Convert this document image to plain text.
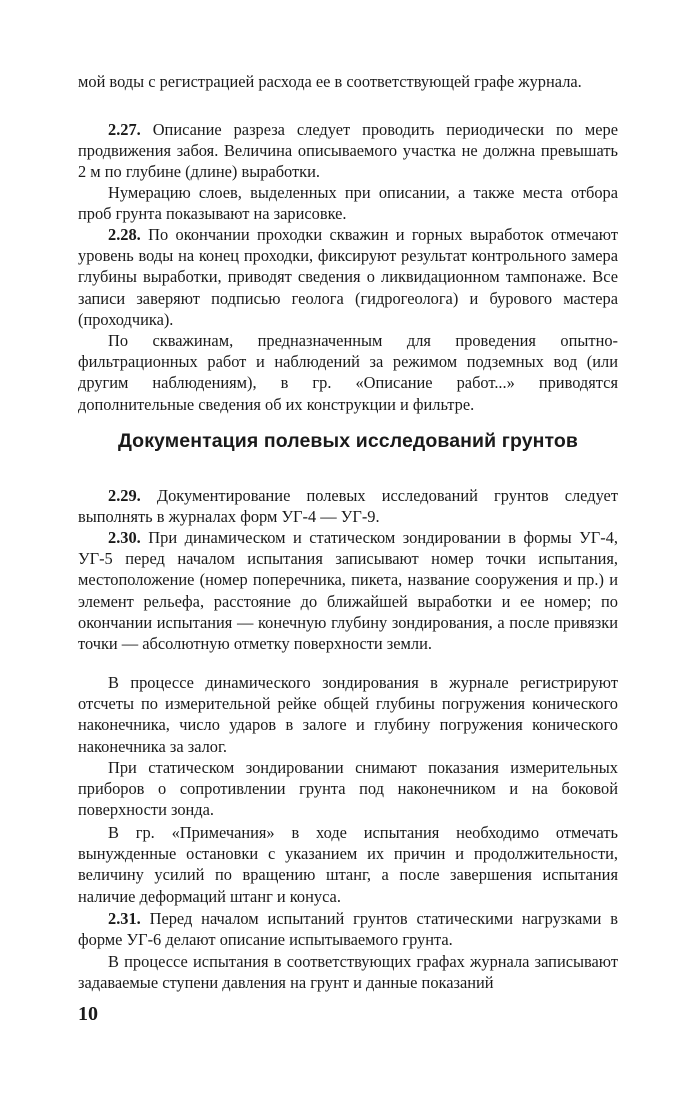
мой воды с регистрацией расхода ее в соответствующей графе журнала.

2.27. Описание разреза следует проводить периодически по мере продвижения забоя. Величина описываемого участка не должна превышать 2 м по глубине (длине) выработки.

Нумерацию слоев, выделенных при описании, а также места отбора проб грунта показывают на зарисовке.

2.28. По окончании проходки скважин и горных выработок отмечают уровень воды на конец проходки, фиксируют результат контрольного замера глубины выработки, приводят сведения о ликвидационном тампонаже. Все записи заверяют подписью геолога (гидрогеолога) и бурового мастера (проходчика).

По скважинам, предназначенным для проведения опытно-фильтрационных работ и наблюдений за режимом подземных вод (или другим наблюдениям), в гр. «Описание работ...» приводятся дополнительные сведения об их конструкции и фильтре.

Документация полевых исследований грунтов

2.29. Документирование полевых исследований грунтов следует выполнять в журналах форм УГ-4 — УГ-9.

2.30. При динамическом и статическом зондировании в формы УГ-4, УГ-5 перед началом испытания записывают номер точки испытания, местоположение (номер поперечника, пикета, название сооружения и пр.) и элемент рельефа, расстояние до ближайшей выработки и ее номер; по окончании испытания — конечную глубину зондирования, а после привязки точки — абсолютную отметку поверхности земли.

В процессе динамического зондирования в журнале регистрируют отсчеты по измерительной рейке общей глубины погружения конического наконечника, число ударов в залоге и глубину погружения конического наконечника за залог.

При статическом зондировании снимают показания измерительных приборов о сопротивлении грунта под наконечником и на боковой поверхности зонда.

В гр. «Примечания» в ходе испытания необходимо отмечать вынужденные остановки с указанием их причин и продолжительности, величину усилий по вращению штанг, а после завершения испытания наличие деформаций штанг и конуса.

2.31. Перед началом испытаний грунтов статическими нагрузками в форме УГ-6 делают описание испытываемого грунта.

В процессе испытания в соответствующих графах журнала записывают задаваемые ступени давления на грунт и данные показаний

10
